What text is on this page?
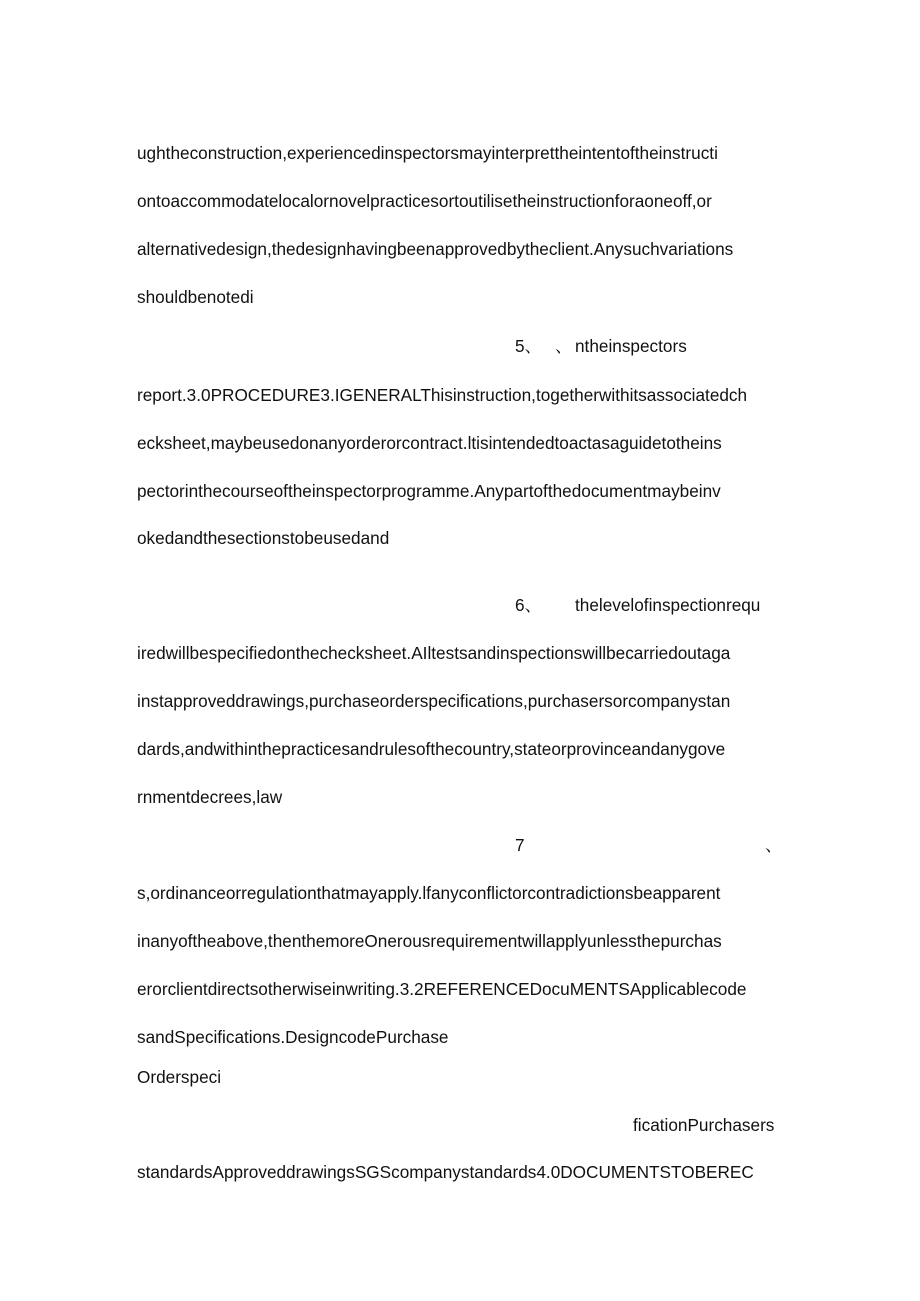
ughtheconstruction,experiencedinspectorsmayinterprettheintentoftheinstructi
ontoaccommodatelocalornovelpracticesortoutilisetheinstructionforaoneoff,or
alternativedesign,thedesignhavingbeenapprovedbytheclient.Anysuchvariations
shouldbenotedi
5、 、 ntheinspectors
report.3.0PROCEDURE3.IGENERALThisinstruction,togetherwithitsassociatedch
ecksheet,maybeusedonanyorderorcontract.ltisintendedtoactasaguidetotheins
pectorinthecourseoftheinspectorprogramme.Anypartofthedocumentmaybeinv
okedandthesectionstobeusedand
6、 thelevelofinspectionrequ
iredwillbespecifiedonthechecksheet.AIltestsandinspectionswillbecarriedoutaga
instapproveddrawings,purchaseorderspecifications,purchasersorcompanystan
dards,andwithinthepracticesandrulesofthecountry,stateorprovinceandanygove
rnmentdecrees,law
7	、
s,ordinanceorregulationthatmayapply.lfanyconflictorcontradictionsbeapparent
inanyoftheabove,thenthemoreOnerousrequirementwillapplyunlessthepurchas
erorclientdirectsotherwiseinwriting.3.2REFERENCEDocuMENTSApplicablecode
sandSpecifications.DesigncodePurchase
Orderspeci
ficationPurchasers
standardsApproveddrawingsSGScompanystandards4.0DOCUMENTSTOBEREC
